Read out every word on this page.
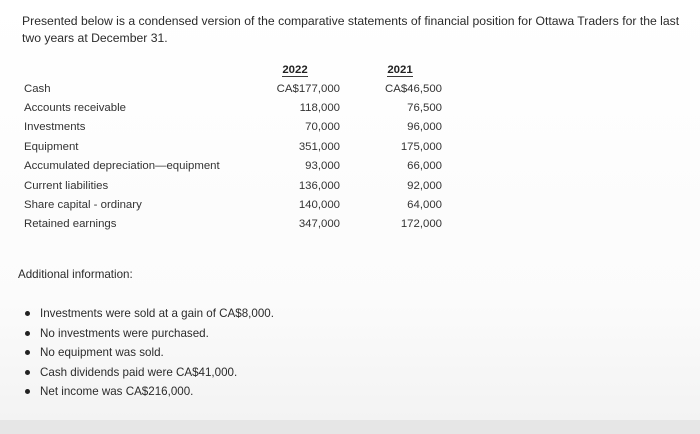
Presented below is a condensed version of the comparative statements of financial position for Ottawa Traders for the last two years at December 31.

	2022	2021
Cash	CA$177,000	CA$46,500
Accounts receivable	118,000	76,500
Investments	70,000	96,000
Equipment	351,000	175,000
Accumulated depreciation—equipment	93,000	66,000
Current liabilities	136,000	92,000
Share capital - ordinary	140,000	64,000
Retained earnings	347,000	172,000

Additional information:

Investments were sold at a gain of CA$8,000.
No investments were purchased.
No equipment was sold.
Cash dividends paid were CA$41,000.
Net income was CA$216,000.
